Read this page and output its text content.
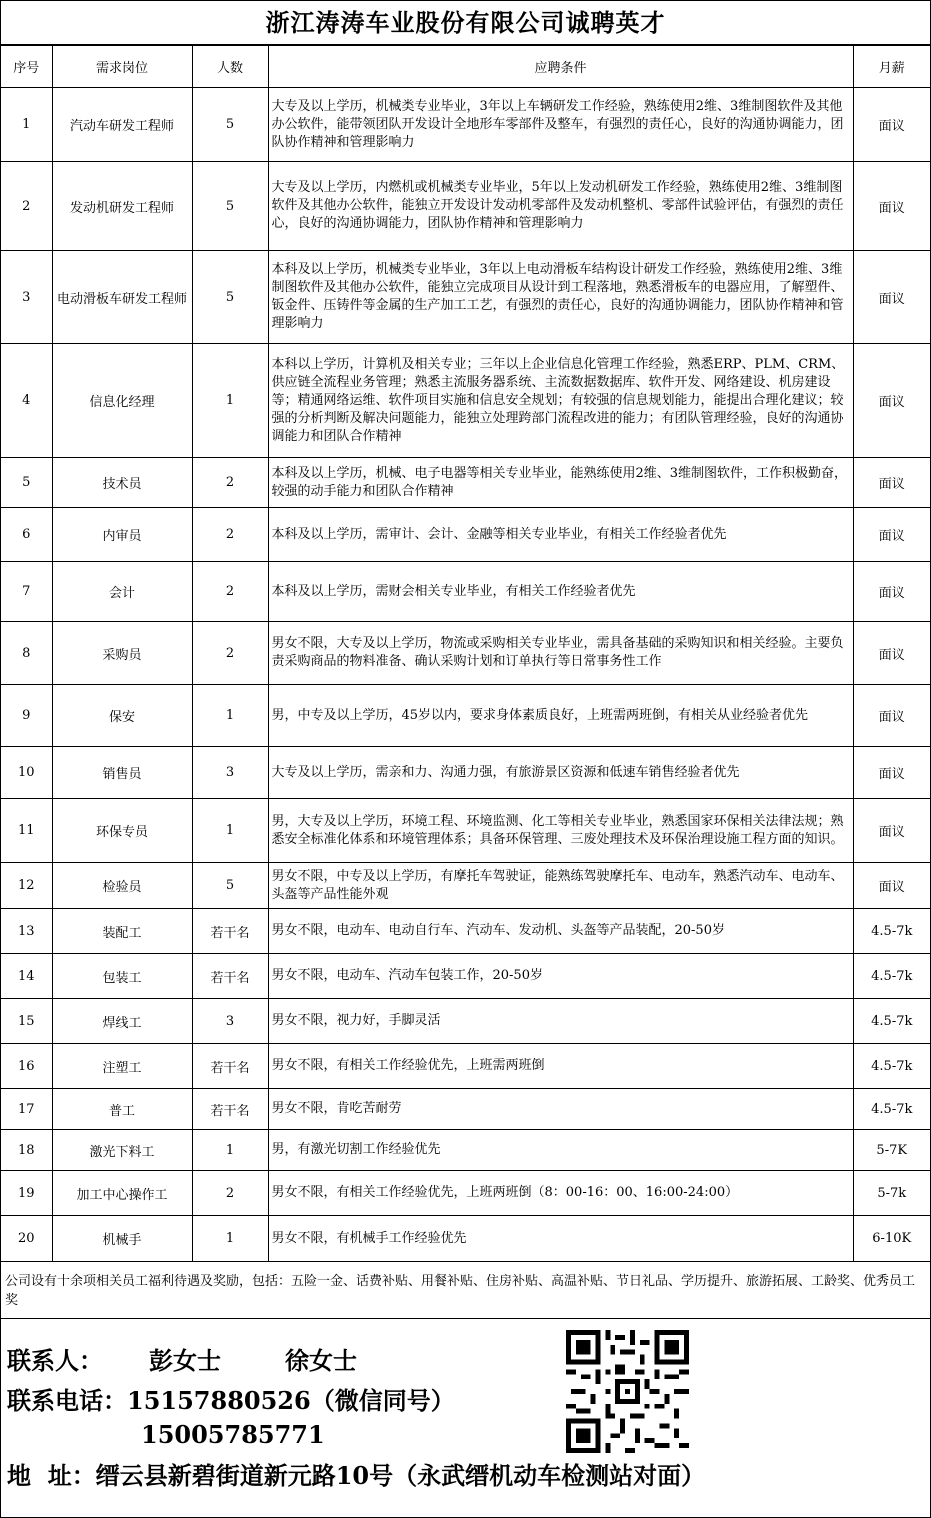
浙江涛涛车业股份有限公司诚聘英才
序号	需求岗位	人数	应聘条件	月薪
1	汽动车研发工程师	5	大专及以上学历，机械类专业毕业，3年以上车辆研发工作经验，熟练使用2维、3维制图软件及其他办公软件，能带领团队开发设计全地形车零部件及整车，有强烈的责任心，良好的沟通协调能力，团队协作精神和管理影响力	面议
2	发动机研发工程师	5	大专及以上学历，内燃机或机械类专业毕业，5年以上发动机研发工作经验，熟练使用2维、3维制图软件及其他办公软件，能独立开发设计发动机零部件及发动机整机、零部件试验评估，有强烈的责任心，良好的沟通协调能力，团队协作精神和管理影响力	面议
3	电动滑板车研发工程师	5	本科及以上学历，机械类专业毕业，3年以上电动滑板车结构设计研发工作经验，熟练使用2维、3维制图软件及其他办公软件，能独立完成项目从设计到工程落地，熟悉滑板车的电器应用，了解塑件、钣金件、压铸件等金属的生产加工工艺，有强烈的责任心，良好的沟通协调能力，团队协作精神和管理影响力	面议
4	信息化经理	1	本科以上学历，计算机及相关专业；三年以上企业信息化管理工作经验，熟悉ERP、PLM、CRM、供应链全流程业务管理；熟悉主流服务器系统、主流数据数据库、软件开发、网络建设、机房建设等；精通网络运维、软件项目实施和信息安全规划；有较强的信息规划能力，能提出合理化建议；较强的分析判断及解决问题能力，能独立处理跨部门流程改进的能力；有团队管理经验，良好的沟通协调能力和团队合作精神	面议
5	技术员	2	本科及以上学历，机械、电子电器等相关专业毕业，能熟练使用2维、3维制图软件，工作积极勤奋，较强的动手能力和团队合作精神	面议
6	内审员	2	本科及以上学历，需审计、会计、金融等相关专业毕业，有相关工作经验者优先	面议
7	会计	2	本科及以上学历，需财会相关专业毕业，有相关工作经验者优先	面议
8	采购员	2	男女不限，大专及以上学历，物流或采购相关专业毕业，需具备基础的采购知识和相关经验。主要负责采购商品的物料准备、确认采购计划和订单执行等日常事务性工作	面议
9	保安	1	男，中专及以上学历，45岁以内，要求身体素质良好，上班需两班倒，有相关从业经验者优先	面议
10	销售员	3	大专及以上学历，需亲和力、沟通力强，有旅游景区资源和低速车销售经验者优先	面议
11	环保专员	1	男，大专及以上学历，环境工程、环境监测、化工等相关专业毕业，熟悉国家环保相关法律法规；熟悉安全标准化体系和环境管理体系；具备环保管理、三废处理技术及环保治理设施工程方面的知识。	面议
12	检验员	5	男女不限，中专及以上学历，有摩托车驾驶证，能熟练驾驶摩托车、电动车，熟悉汽动车、电动车、头盔等产品性能外观	面议
13	装配工	若干名	男女不限，电动车、电动自行车、汽动车、发动机、头盔等产品装配，20-50岁	4.5-7k
14	包装工	若干名	男女不限，电动车、汽动车包装工作，20-50岁	4.5-7k
15	焊线工	3	男女不限，视力好，手脚灵活	4.5-7k
16	注塑工	若干名	男女不限，有相关工作经验优先，上班需两班倒	4.5-7k
17	普工	若干名	男女不限，肯吃苦耐劳	4.5-7k
18	激光下料工	1	男，有激光切割工作经验优先	5-7K
19	加工中心操作工	2	男女不限，有相关工作经验优先，上班两班倒（8：00-16：00、16:00-24:00）	5-7k
20	机械手	1	男女不限，有机械手工作经验优先	6-10K
公司设有十余项相关员工福利待遇及奖励，包括：五险一金、话费补贴、用餐补贴、住房补贴、高温补贴、节日礼品、学历提升、旅游拓展、工龄奖、优秀员工奖
联系人： 彭女士	徐女士
联系电话：15157880526（微信同号）
15005785771
地  址：缙云县新碧街道新元路10号（永武缙机动车检测站对面）
